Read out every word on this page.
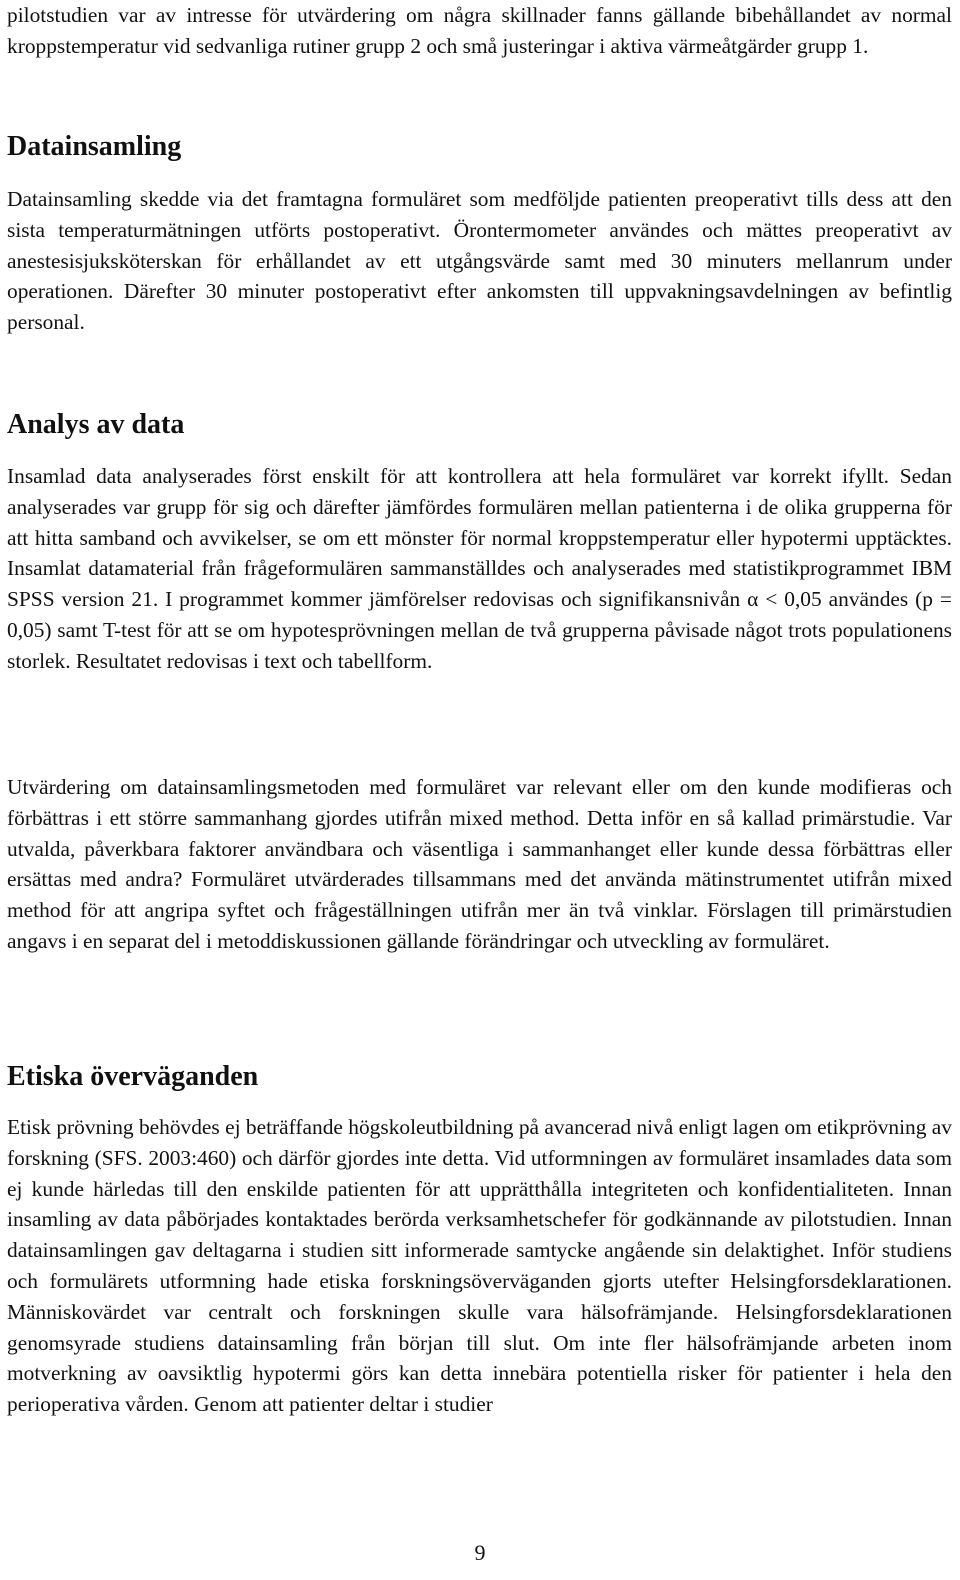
pilotstudien var av intresse för utvärdering om några skillnader fanns gällande bibehållandet av normal kroppstemperatur vid sedvanliga rutiner grupp 2 och små justeringar i aktiva värmeåtgärder grupp 1.

Datainsamling

Datainsamling skedde via det framtagna formuläret som medföljde patienten preoperativt tills dess att den sista temperaturmätningen utförts postoperativt. Örontermometer användes och mättes preoperativt av anestesisjuksköterskan för erhållandet av ett utgångsvärde samt med 30 minuters mellanrum under operationen. Därefter 30 minuter postoperativt efter ankomsten till uppvakningsavdelningen av befintlig personal.

Analys av data

Insamlad data analyserades först enskilt för att kontrollera att hela formuläret var korrekt ifyllt. Sedan analyserades var grupp för sig och därefter jämfördes formulären mellan patienterna i de olika grupperna för att hitta samband och avvikelser, se om ett mönster för normal kroppstemperatur eller hypotermi upptäcktes. Insamlat datamaterial från frågeformulären sammanställdes och analyserades med statistikprogrammet IBM SPSS version 21. I programmet kommer jämförelser redovisas och signifikansnivån α < 0,05 användes (p = 0,05) samt T-test för att se om hypotesprövningen mellan de två grupperna påvisade något trots populationens storlek. Resultatet redovisas i text och tabellform.

Utvärdering om datainsamlingsmetoden med formuläret var relevant eller om den kunde modifieras och förbättras i ett större sammanhang gjordes utifrån mixed method. Detta inför en så kallad primärstudie. Var utvalda, påverkbara faktorer användbara och väsentliga i sammanhanget eller kunde dessa förbättras eller ersättas med andra? Formuläret utvärderades tillsammans med det använda mätinstrumentet utifrån mixed method för att angripa syftet och frågeställningen utifrån mer än två vinklar. Förslagen till primärstudien angavs i en separat del i metoddiskussionen gällande förändringar och utveckling av formuläret.

Etiska överväganden

Etisk prövning behövdes ej beträffande högskoleutbildning på avancerad nivå enligt lagen om etikprövning av forskning (SFS. 2003:460) och därför gjordes inte detta. Vid utformningen av formuläret insamlades data som ej kunde härledas till den enskilde patienten för att upprätthålla integriteten och konfidentialiteten. Innan insamling av data påbörjades kontaktades berörda verksamhetschefer för godkännande av pilotstudien. Innan datainsamlingen gav deltagarna i studien sitt informerade samtycke angående sin delaktighet. Inför studiens och formulärets utformning hade etiska forskningsöverväganden gjorts utefter Helsingforsdeklarationen. Människovärdet var centralt och forskningen skulle vara hälsofrämjande. Helsingforsdeklarationen genomsyrade studiens datainsamling från början till slut. Om inte fler hälsofrämjande arbeten inom motverkning av oavsiktlig hypotermi görs kan detta innebära potentiella risker för patienter i hela den perioperativa vården. Genom att patienter deltar i studier

9
